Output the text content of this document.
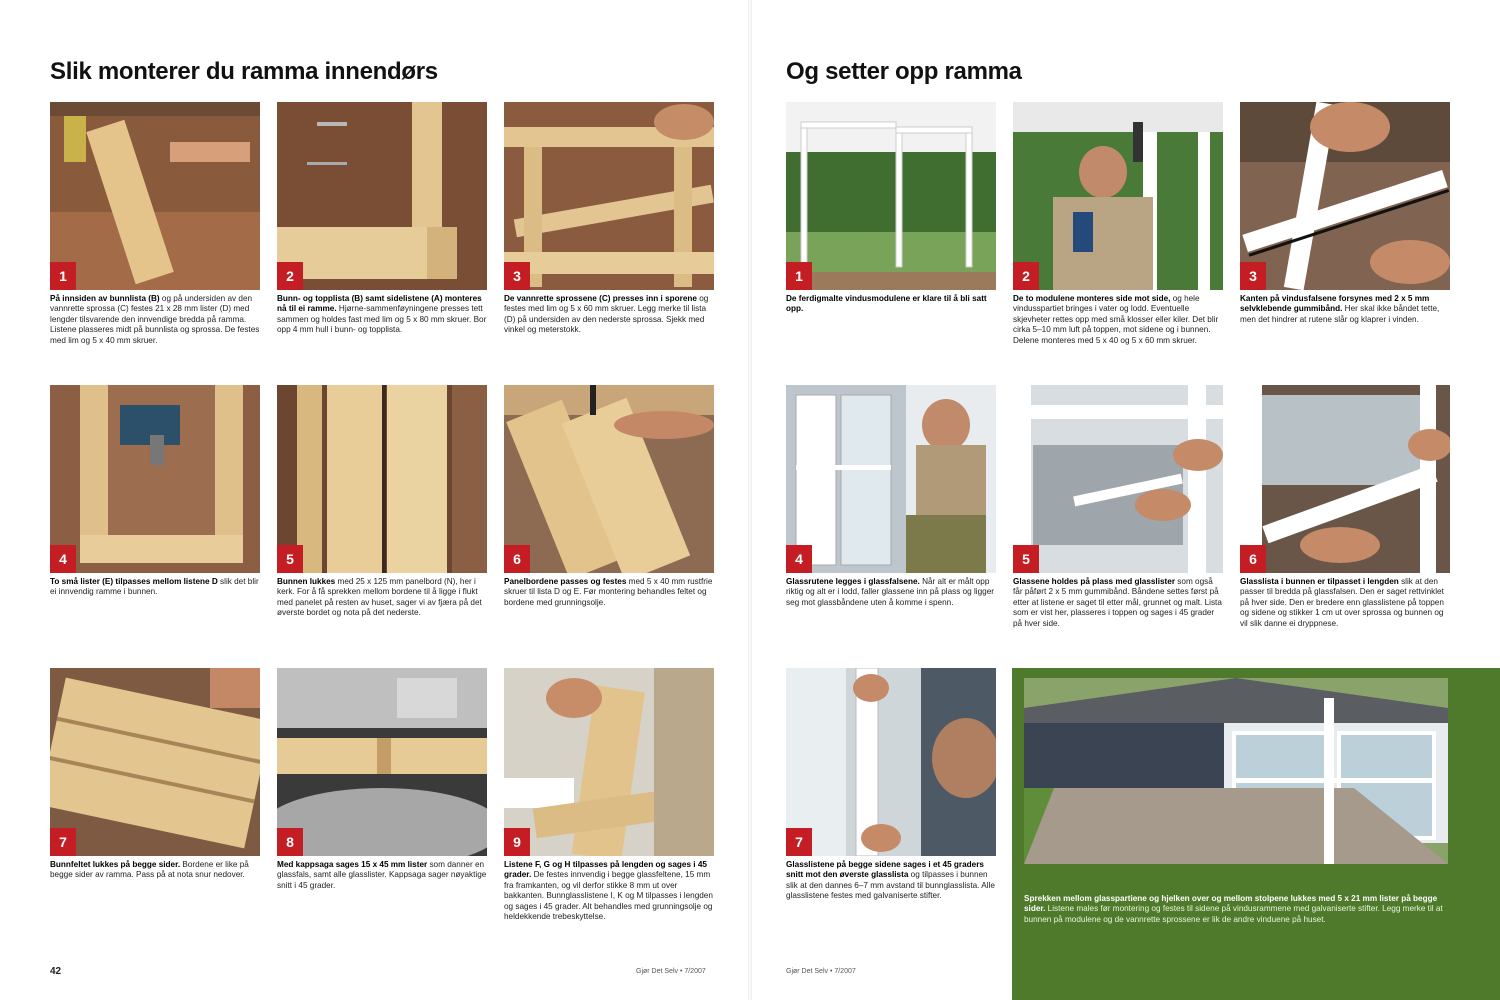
Slik monterer du ramma innendørs
1
På innsiden av bunnlista (B) og på undersiden av den vannrette sprossa (C) festes 21 x 28 mm lister (D) med lengder tilsvarende den innvendige bredda på ramma. Listene plasseres midt på bunnlista og sprossa. De festes med lim og 5 x 40 mm skruer.
2
Bunn- og topplista (B) samt sidelistene (A) monteres nå til ei ramme. Hjørne-sammenføyningene presses tett sammen og holdes fast med lim og 5 x 80 mm skruer. Bor opp 4 mm hull i bunn- og topplista.
3
De vannrette sprossene (C) presses inn i sporene og festes med lim og 5 x 60 mm skruer. Legg merke til lista (D) på undersiden av den nederste sprossa. Sjekk med vinkel og meterstokk.
4
To små lister (E) tilpasses mellom listene D slik det blir ei innvendig ramme i bunnen.
5
Bunnen lukkes med 25 x 125 mm panelbord (N), her i kerk. For å få sprekken mellom bordene til å ligge i flukt med panelet på resten av huset, sager vi av fjæra på det øverste bordet og nota på det nederste.
6
Panelbordene passes og festes med 5 x 40 mm rustfrie skruer til lista D og E. Før montering behandles feltet og bordene med grunningsolje.
7
Bunnfeltet lukkes på begge sider. Bordene er like på begge sider av ramma. Pass på at nota snur nedover.
8
Med kappsaga sages 15 x 45 mm lister som danner en glassfals, samt alle glasslister. Kappsaga sager nøyaktige snitt i 45 grader.
9
Listene F, G og H tilpasses på lengden og sages i 45 grader. De festes innvendig i begge glassfeltene, 15 mm fra framkanten, og vil derfor stikke 8 mm ut over bakkanten. Bunnglasslistene I, K og M tilpasses i lengden og sages i 45 grader. Alt behandles med grunningsolje og heldekkende trebeskyttelse.
42	Gjør Det Selv • 7/2007
Og setter opp ramma
1
De ferdigmalte vindusmodulene er klare til å bli satt opp.
2
De to modulene monteres side mot side, og hele vindusspartiet bringes i vater og lodd. Eventuelle skjevheter rettes opp med små klosser eller kiler. Det blir cirka 5–10 mm luft på toppen, mot sidene og i bunnen. Delene monteres med 5 x 40 og 5 x 60 mm skruer.
3
Kanten på vindusfalsene forsynes med 2 x 5 mm selvklebende gummibånd. Her skal ikke båndet tette, men det hindrer at rutene slår og klaprer i vinden.
4
Glassrutene legges i glassfalsene. Når alt er målt opp riktig og alt er i lodd, faller glassene inn på plass og ligger seg mot glassbåndene uten å komme i spenn.
5
Glassene holdes på plass med glasslister som også får påført 2 x 5 mm gummibånd. Båndene settes først på etter at listene er saget til etter mål, grunnet og malt. Lista som er vist her, plasseres i toppen og sages i 45 grader på hver side.
6
Glasslista i bunnen er tilpasset i lengden slik at den passer til bredda på glassfalsen. Den er saget rettvinklet på hver side. Den er bredere enn glasslistene på toppen og sidene og stikker 1 cm ut over sprossa og bunnen og vil slik danne ei dryppnese.
7
Glasslistene på begge sidene sages i et 45 graders snitt mot den øverste glasslista og tilpasses i bunnen slik at den dannes 6–7 mm avstand til bunnglasslista. Alle glasslistene festes med galvaniserte stifter.	Sprekken mellom glasspartiene og hjelken over og mellom stolpene lukkes med 5 x 21 mm lister på begge sider. Listene males før montering og festes til sidene på vindusrammene med galvaniserte stifter. Legg merke til at bunnen på modulene og de vannrette sprossene er lik de andre vinduene på huset.
Gjør Det Selv • 7/2007
